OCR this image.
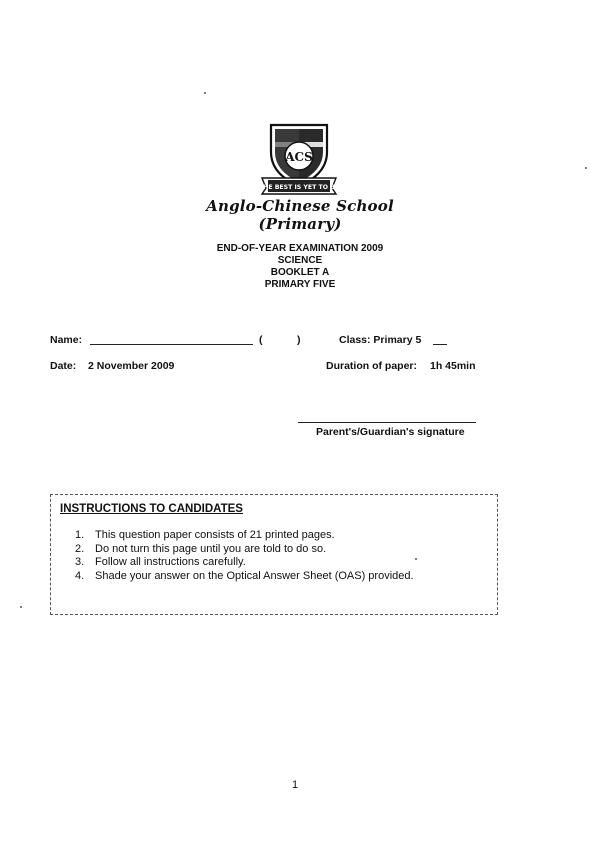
ACS
THE BEST IS YET TO BE
Anglo-Chinese School (Primary)
END-OF-YEAR EXAMINATION 2009
SCIENCE
BOOKLET A
PRIMARY FIVE
Name:	(	)	Class: Primary 5
Date: 2 November 2009	Duration of paper: 1h 45min
Parent's/Guardian's signature
INSTRUCTIONS TO CANDIDATES
1. This question paper consists of 21 printed pages.
2. Do not turn this page until you are told to do so.
3. Follow all instructions carefully.
4. Shade your answer on the Optical Answer Sheet (OAS) provided.
1
